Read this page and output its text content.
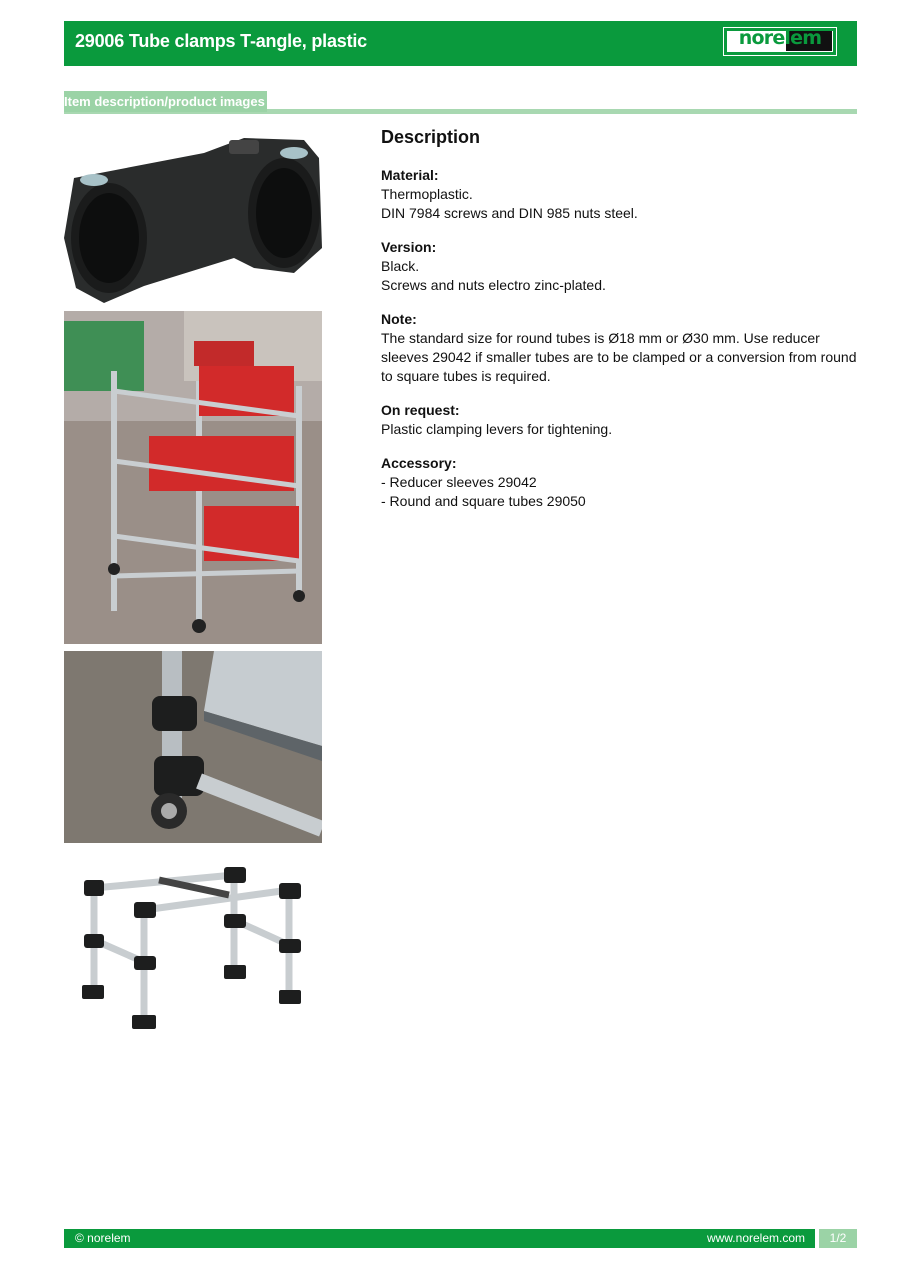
29006 Tube clamps T-angle, plastic	norelem
Item description/product images
Description
Material:
Thermoplastic.
DIN 7984 screws and DIN 985 nuts steel.
Version:
Black.
Screws and nuts electro zinc-plated.
Note:
The standard size for round tubes is Ø18 mm or Ø30 mm. Use reducer sleeves 29042 if smaller tubes are to be clamped or a conversion from round to square tubes is required.
On request:
Plastic clamping levers for tightening.
Accessory:
- Reducer sleeves 29042
- Round and square tubes 29050
© norelem	www.norelem.com	1/2
